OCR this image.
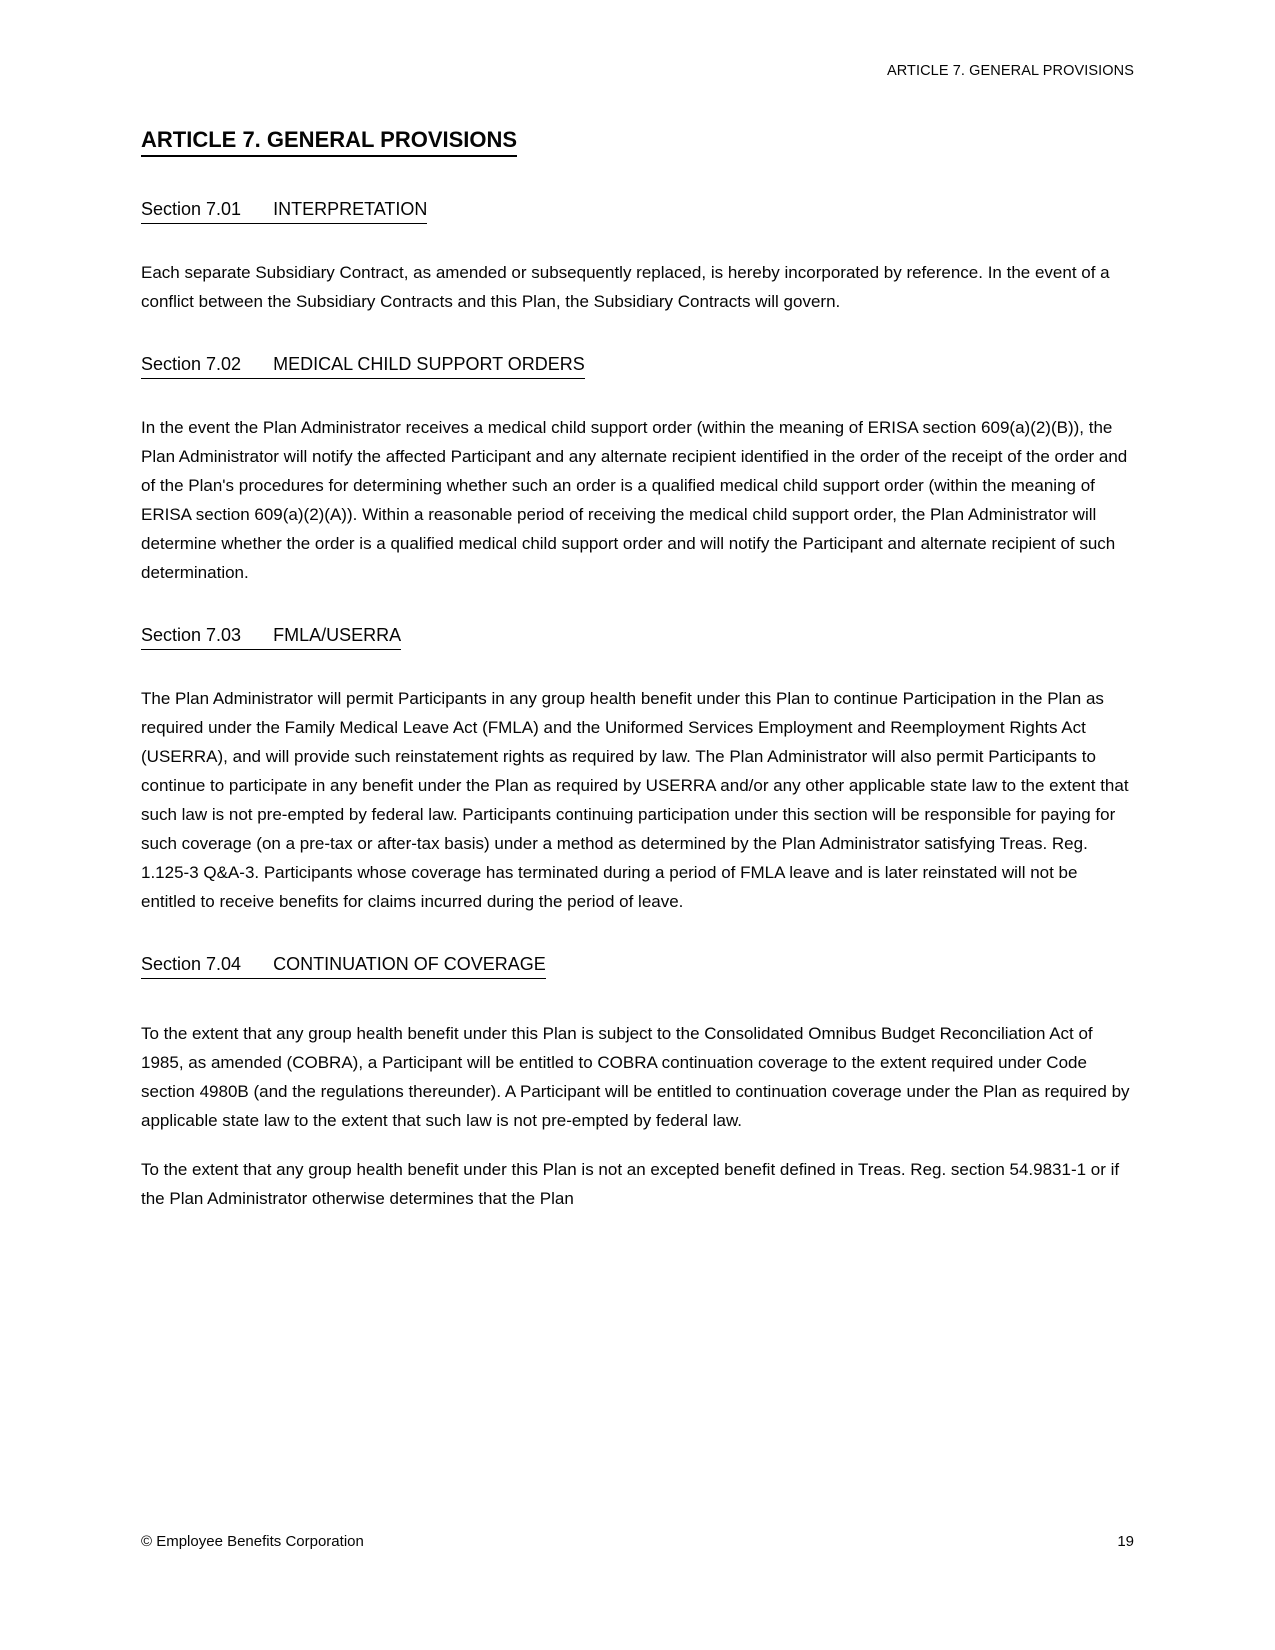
ARTICLE 7. GENERAL PROVISIONS
ARTICLE 7. GENERAL PROVISIONS
Section 7.01 INTERPRETATION

Each separate Subsidiary Contract, as amended or subsequently replaced, is hereby incorporated by reference. In the event of a conflict between the Subsidiary Contracts and this Plan, the Subsidiary Contracts will govern.

Section 7.02 MEDICAL CHILD SUPPORT ORDERS

In the event the Plan Administrator receives a medical child support order (within the meaning of ERISA section 609(a)(2)(B)), the Plan Administrator will notify the affected Participant and any alternate recipient identified in the order of the receipt of the order and of the Plan's procedures for determining whether such an order is a qualified medical child support order (within the meaning of ERISA section 609(a)(2)(A)). Within a reasonable period of receiving the medical child support order, the Plan Administrator will determine whether the order is a qualified medical child support order and will notify the Participant and alternate recipient of such determination.

Section 7.03 FMLA/USERRA

The Plan Administrator will permit Participants in any group health benefit under this Plan to continue Participation in the Plan as required under the Family Medical Leave Act (FMLA) and the Uniformed Services Employment and Reemployment Rights Act (USERRA), and will provide such reinstatement rights as required by law. The Plan Administrator will also permit Participants to continue to participate in any benefit under the Plan as required by USERRA and/or any other applicable state law to the extent that such law is not pre-empted by federal law. Participants continuing participation under this section will be responsible for paying for such coverage (on a pre-tax or after-tax basis) under a method as determined by the Plan Administrator satisfying Treas. Reg. 1.125-3 Q&A-3. Participants whose coverage has terminated during a period of FMLA leave and is later reinstated will not be entitled to receive benefits for claims incurred during the period of leave.

Section 7.04 CONTINUATION OF COVERAGE

To the extent that any group health benefit under this Plan is subject to the Consolidated Omnibus Budget Reconciliation Act of 1985, as amended (COBRA), a Participant will be entitled to COBRA continuation coverage to the extent required under Code section 4980B (and the regulations thereunder). A Participant will be entitled to continuation coverage under the Plan as required by applicable state law to the extent that such law is not pre-empted by federal law.

To the extent that any group health benefit under this Plan is not an excepted benefit defined in Treas. Reg. section 54.9831-1 or if the Plan Administrator otherwise determines that the Plan

© Employee Benefits Corporation	19
